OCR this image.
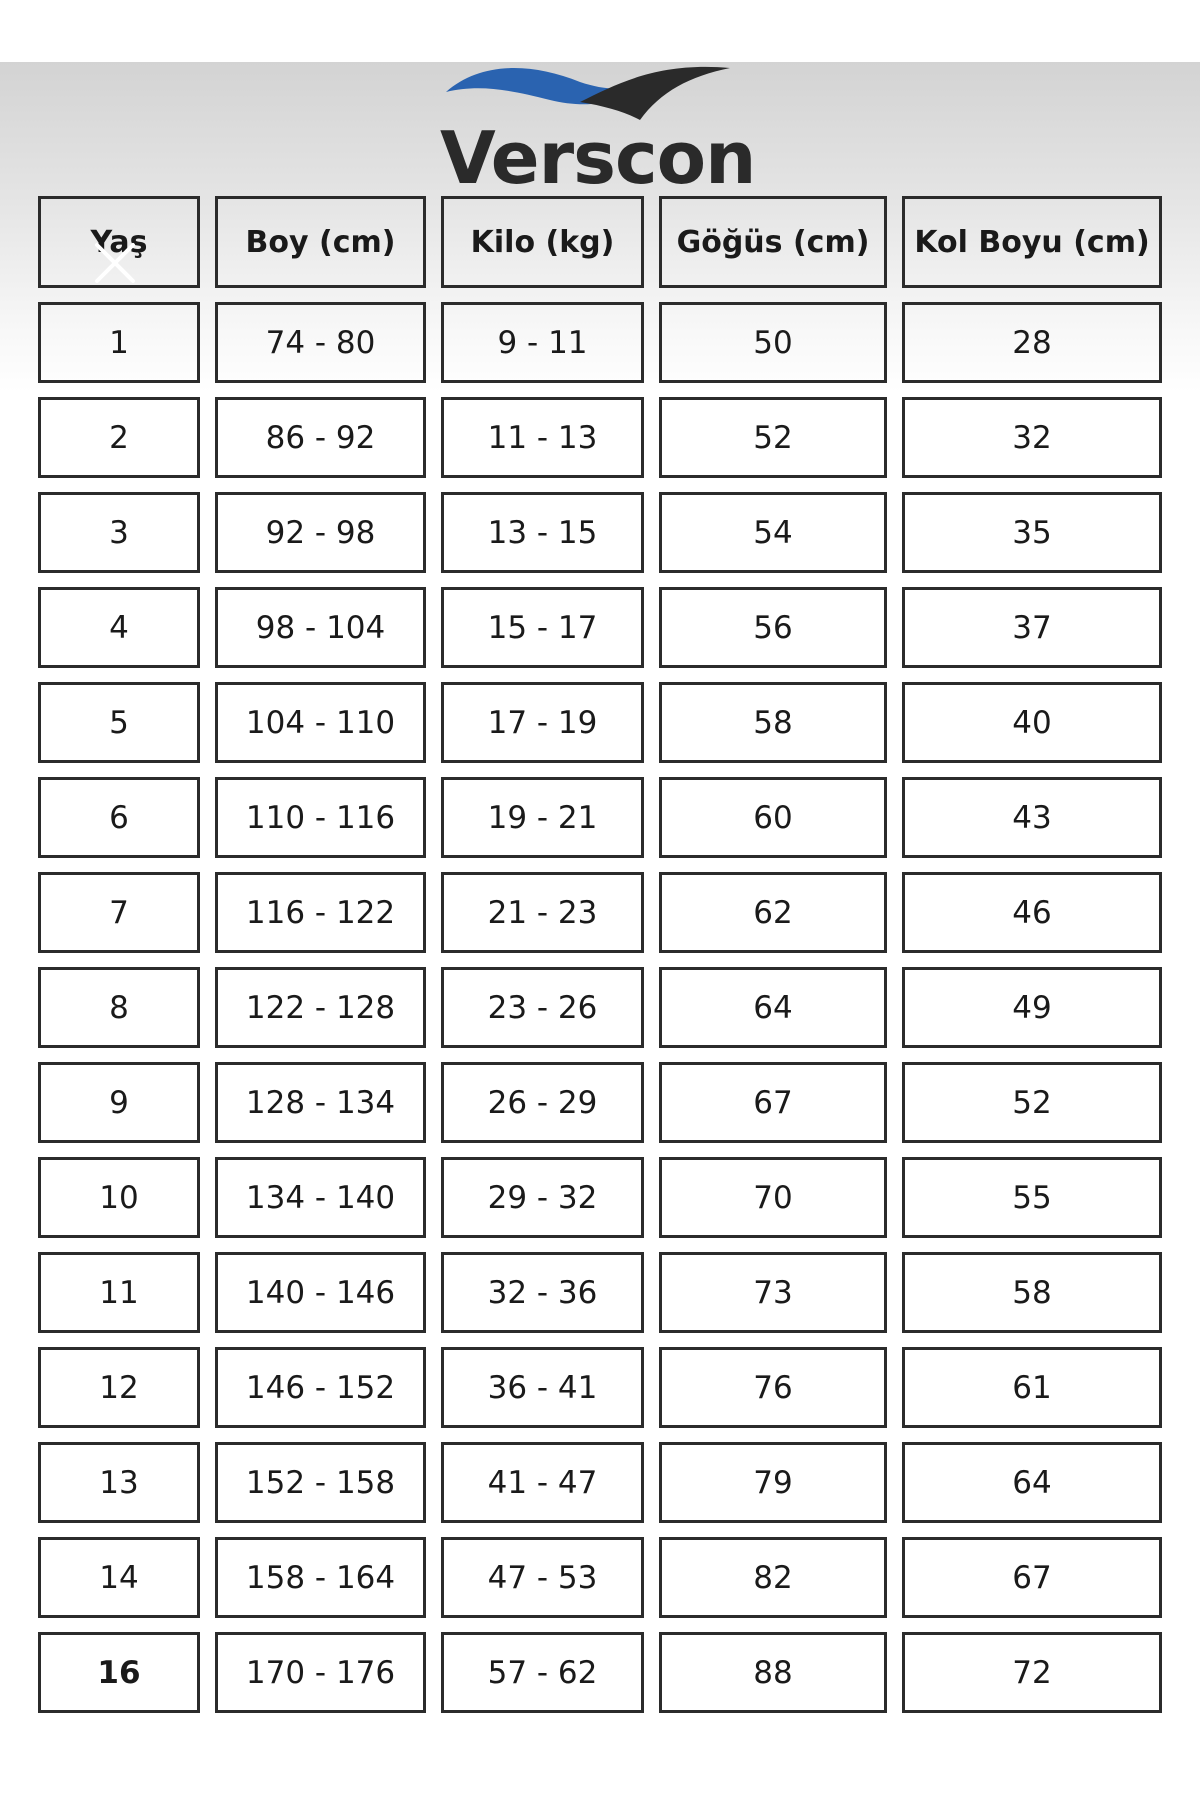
Verscon
Yaş	Boy (cm)	Kilo (kg)	Göğüs (cm)	Kol Boyu (cm)
1	74 - 80	9 - 11	50	28
2	86 - 92	11 - 13	52	32
3	92 - 98	13 - 15	54	35
4	98 - 104	15 - 17	56	37
5	104 - 110	17 - 19	58	40
6	110 - 116	19 - 21	60	43
7	116 - 122	21 - 23	62	46
8	122 - 128	23 - 26	64	49
9	128 - 134	26 - 29	67	52
10	134 - 140	29 - 32	70	55
11	140 - 146	32 - 36	73	58
12	146 - 152	36 - 41	76	61
13	152 - 158	41 - 47	79	64
14	158 - 164	47 - 53	82	67
16	170 - 176	57 - 62	88	72
